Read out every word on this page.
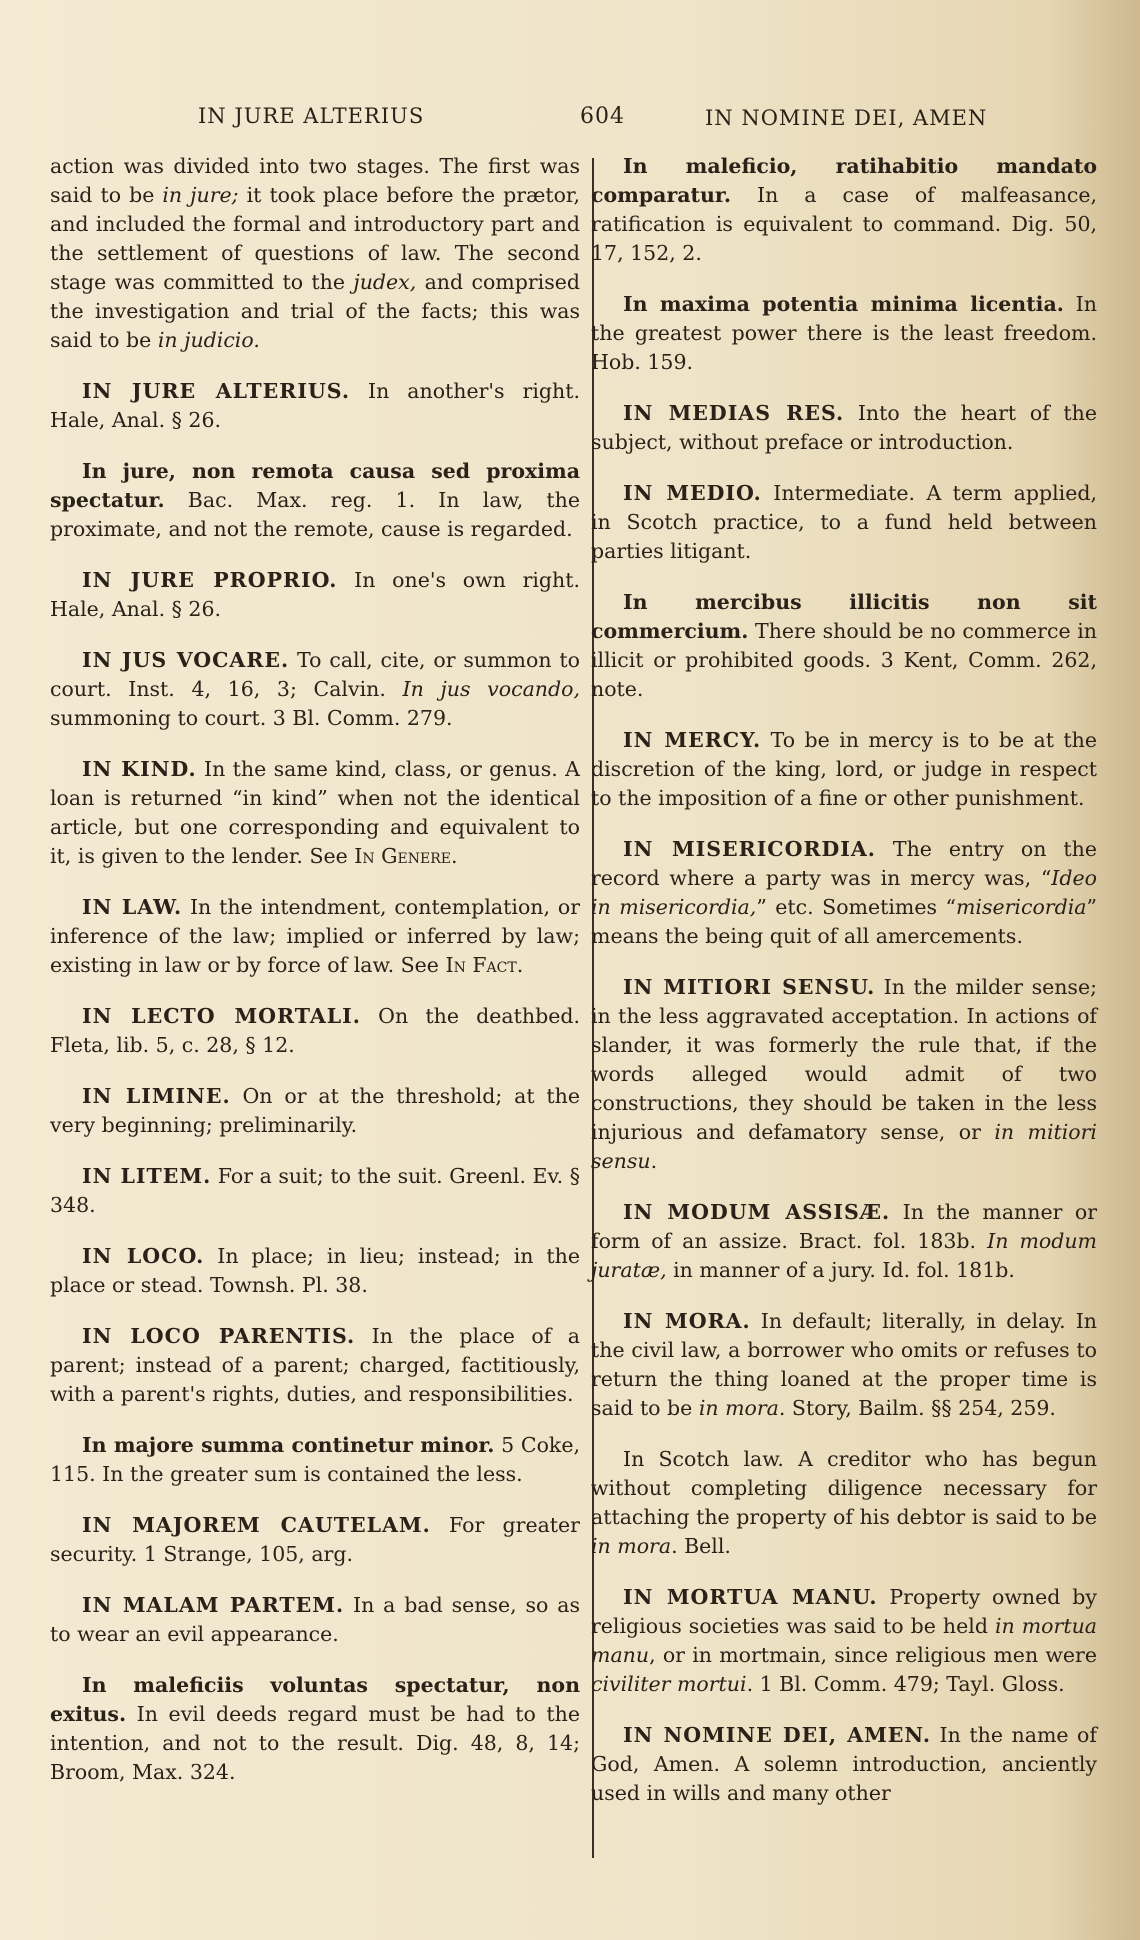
IN JURE ALTERIUS	604	IN NOMINE DEI, AMEN

action was divided into two stages. The first was said to be in jure; it took place before the prætor, and included the formal and introductory part and the settlement of questions of law. The second stage was committed to the judex, and comprised the investigation and trial of the facts; this was said to be in judicio.

IN JURE ALTERIUS. In another's right. Hale, Anal. § 26.

In jure, non remota causa sed proxima spectatur. Bac. Max. reg. 1. In law, the proximate, and not the remote, cause is regarded.

IN JURE PROPRIO. In one's own right. Hale, Anal. § 26.

IN JUS VOCARE. To call, cite, or summon to court. Inst. 4, 16, 3; Calvin. In jus vocando, summoning to court. 3 Bl. Comm. 279.

IN KIND. In the same kind, class, or genus. A loan is returned “in kind” when not the identical article, but one corresponding and equivalent to it, is given to the lender. See In Genere.

IN LAW. In the intendment, contemplation, or inference of the law; implied or inferred by law; existing in law or by force of law. See In Fact.

IN LECTO MORTALI. On the deathbed. Fleta, lib. 5, c. 28, § 12.

IN LIMINE. On or at the threshold; at the very beginning; preliminarily.

IN LITEM. For a suit; to the suit. Greenl. Ev. § 348.

IN LOCO. In place; in lieu; instead; in the place or stead. Townsh. Pl. 38.

IN LOCO PARENTIS. In the place of a parent; instead of a parent; charged, factitiously, with a parent's rights, duties, and responsibilities.

In majore summa continetur minor. 5 Coke, 115. In the greater sum is contained the less.

IN MAJOREM CAUTELAM. For greater security. 1 Strange, 105, arg.

IN MALAM PARTEM. In a bad sense, so as to wear an evil appearance.

In maleficiis voluntas spectatur, non exitus. In evil deeds regard must be had to the intention, and not to the result. Dig. 48, 8, 14; Broom, Max. 324.

In maleficio, ratihabitio mandato comparatur. In a case of malfeasance, ratification is equivalent to command. Dig. 50, 17, 152, 2.

In maxima potentia minima licentia. In the greatest power there is the least freedom. Hob. 159.

IN MEDIAS RES. Into the heart of the subject, without preface or introduction.

IN MEDIO. Intermediate. A term applied, in Scotch practice, to a fund held between parties litigant.

In mercibus illicitis non sit commercium. There should be no commerce in illicit or prohibited goods. 3 Kent, Comm. 262, note.

IN MERCY. To be in mercy is to be at the discretion of the king, lord, or judge in respect to the imposition of a fine or other punishment.

IN MISERICORDIA. The entry on the record where a party was in mercy was, “Ideo in misericordia,” etc. Sometimes “misericordia” means the being quit of all amercements.

IN MITIORI SENSU. In the milder sense; in the less aggravated acceptation. In actions of slander, it was formerly the rule that, if the words alleged would admit of two constructions, they should be taken in the less injurious and defamatory sense, or in mitiori sensu.

IN MODUM ASSISÆ. In the manner or form of an assize. Bract. fol. 183b. In modum juratæ, in manner of a jury. Id. fol. 181b.

IN MORA. In default; literally, in delay. In the civil law, a borrower who omits or refuses to return the thing loaned at the proper time is said to be in mora. Story, Bailm. §§ 254, 259.

In Scotch law. A creditor who has begun without completing diligence necessary for attaching the property of his debtor is said to be in mora. Bell.

IN MORTUA MANU. Property owned by religious societies was said to be held in mortua manu, or in mortmain, since religious men were civiliter mortui. 1 Bl. Comm. 479; Tayl. Gloss.

IN NOMINE DEI, AMEN. In the name of God, Amen. A solemn introduction, anciently used in wills and many other
